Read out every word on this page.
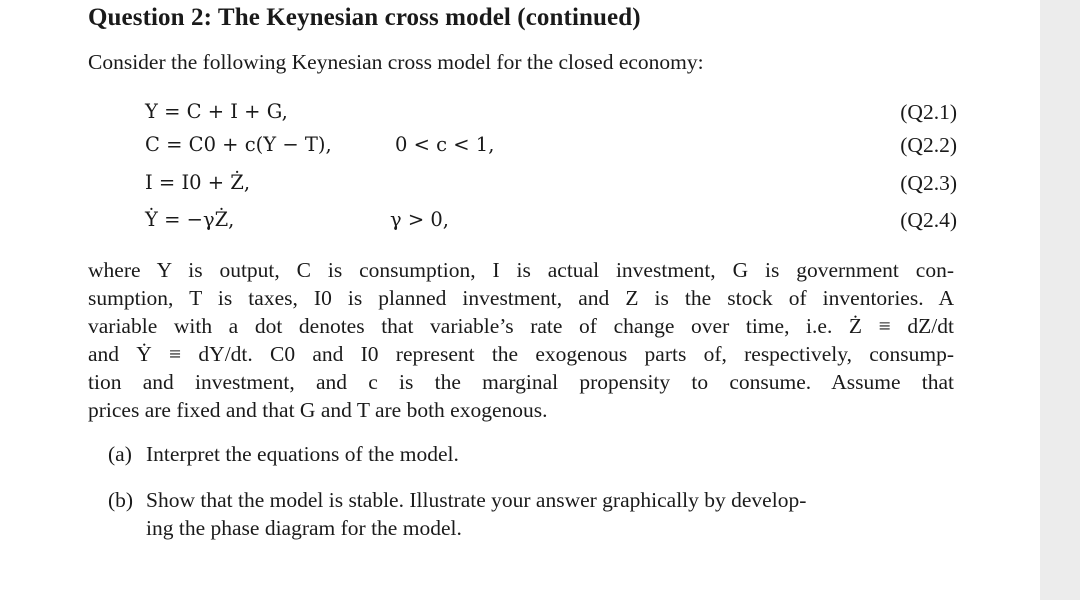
Question 2: The Keynesian cross model (continued)
Consider the following Keynesian cross model for the closed economy:
Y = C + I + G,	(Q2.1)
C = C0 + c(Y − T),	0 < c < 1,	(Q2.2)
I = I0 + Ż,	(Q2.3)
Ẏ = −γŻ,	γ > 0,	(Q2.4)
where Y is output, C is consumption, I is actual investment, G is government con-
sumption, T is taxes, I0 is planned investment, and Z is the stock of inventories. A
variable with a dot denotes that variable’s rate of change over time, i.e. Ż ≡ dZ/dt
and Ẏ ≡ dY/dt. C0 and I0 represent the exogenous parts of, respectively, consump-
tion and investment, and c is the marginal propensity to consume. Assume that
prices are fixed and that G and T are both exogenous.
(a) Interpret the equations of the model.
(b) Show that the model is stable. Illustrate your answer graphically by develop-
ing the phase diagram for the model.
